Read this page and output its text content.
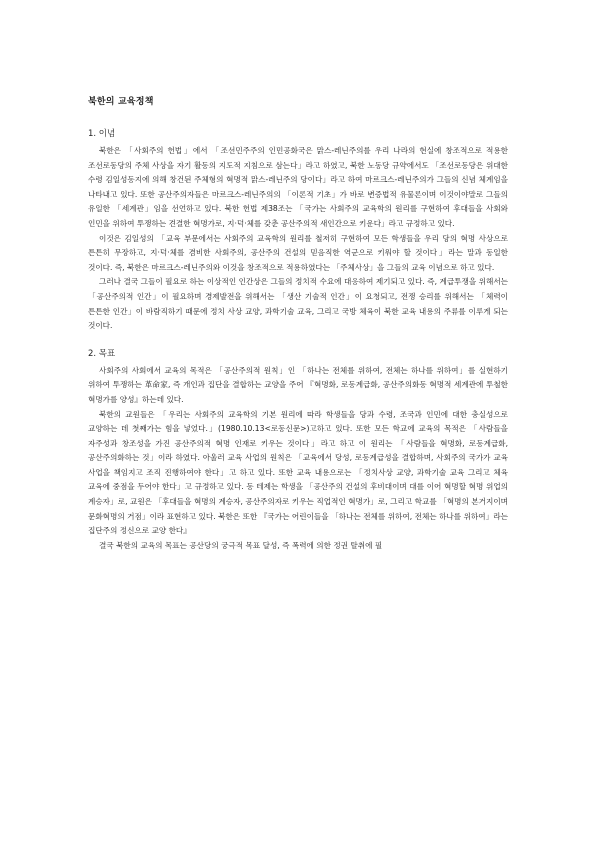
북한의 교육정책
1. 이념

북한은 「사회주의 헌법」에서 「조선민주주의 인민공화국은 맑스-레닌주의를 우리 나라의 현실에 창조적으로 적용한 조선로동당의 주체 사상을 자기 활동의 지도적 지침으로 삼는다」라고 하였고, 북한 노동당 규약에서도 「조선로동당은 위대한 수령 김일성동지에 의해 창건된 주체형의 혁명적 맑스-레닌주의 당이다」라고 하여 마르크스-레닌주의가 그들의 신념 체계임을 나타내고 있다. 또한 공산주의자들은 마르크스-레닌주의의 「이론적 기초」가 바로 변증법적 유물론이며 이것이야말로 그들의 유일한 「세계관」임을 선언하고 있다. 북한 헌법 제38조는 「국가는 사회주의 교육학의 원리를 구현하여 후대들을 사회와 인민을 위하여 투쟁하는 견결한 혁명가로, 지·덕·체를 갖춘 공산주의적 새인간으로 키운다」라고 규정하고 있다.

이것은 김일성의 「교육 부문에서는 사회주의 교육학의 원리를 철저히 구현하여 모든 학생들을 우리 당의 혁명 사상으로 튼튼히 무장하고, 지·덕·체를 겸비한 사회주의, 공산주의 건설의 믿음직한 역군으로 키워야 할 것이다」라는 말과 동일한 것이다. 즉, 북한은 마르크스-레닌주의와 이것을 창조적으로 적용하였다는 「주체사상」을 그들의 교육 이념으로 하고 있다.

그러나 결국 그들이 필요로 하는 이상적인 인간상은 그들의 정치적 수요에 대응하여 제기되고 있다. 즉, 계급투쟁을 위해서는 「공산주의적 인간」이 필요하며 경제발전을 위해서는 「생산 기술적 인간」이 요청되고, 전쟁 승리를 위해서는 「체력이 튼튼한 인간」이 바람직하기 때문에 정치 사상 교양, 과학기술 교육, 그리고 국방 체육이 북한 교육 내용의 주류를 이루게 되는 것이다.

2. 목표

사회주의 사회에서 교육의 목적은 「공산주의적 원칙」인 「하나는 전체를 위하여, 전체는 하나를 위하여」를 실현하기 위하여 투쟁하는 革命家, 즉 개인과 집단을 결합하는 교양을 주어 『혁명화, 로동계급화, 공산주의화동 혁명적 세계관에 투철한 혁명가를 양성』하는데 있다.

북한의 교원들은 「우리는 사회주의 교육학의 기본 원리에 따라 학생들을 당과 수령, 조국과 인민에 대한 충실성으로 교양하는 데 첫째가는 힘을 넣었다.」(1980.10.13<로동신문>)고하고 있다. 또한 모든 학교에 교육의 목적은 「사람들을 자주성과 창조성을 가진 공산주의적 혁명 인재로 키우는 것이다」라고 하고 이 원리는 「사람들을 혁명화, 로동계급화, 공산주의화하는 것」이라 하였다. 아울러 교육 사업의 원칙은 「교육에서 당성, 로동계급성을 결합하며, 사회주의 국가가 교육 사업을 책임지고 조직 진행하여야 한다」고 하고 있다. 또한 교육 내용으로는 「정치사상 교양, 과학기술 교육 그리고 체육 교육에 중점을 두어야 한다」고 규정하고 있다. 동 테제는 학생을 「공산주의 건설의 후비대이며 대를 이어 혁명할 혁명 위업의 계승자」로, 교원은 「후대들을 혁명의 계승자, 공산주의자로 키우는 직업적인 혁명가」로, 그리고 학교를 「혁명의 본거지이며 문화혁명의 거점」이라 표현하고 있다. 북한은 또한 『국가는 어린이들을 「하나는 전체를 위하여, 전체는 하나를 위하여」라는 집단주의 정신으로 교양 한다』

결국 북한의 교육의 목표는 공산당의 궁극적 목표 달성, 즉 폭력에 의한 정권 탈취에 필
